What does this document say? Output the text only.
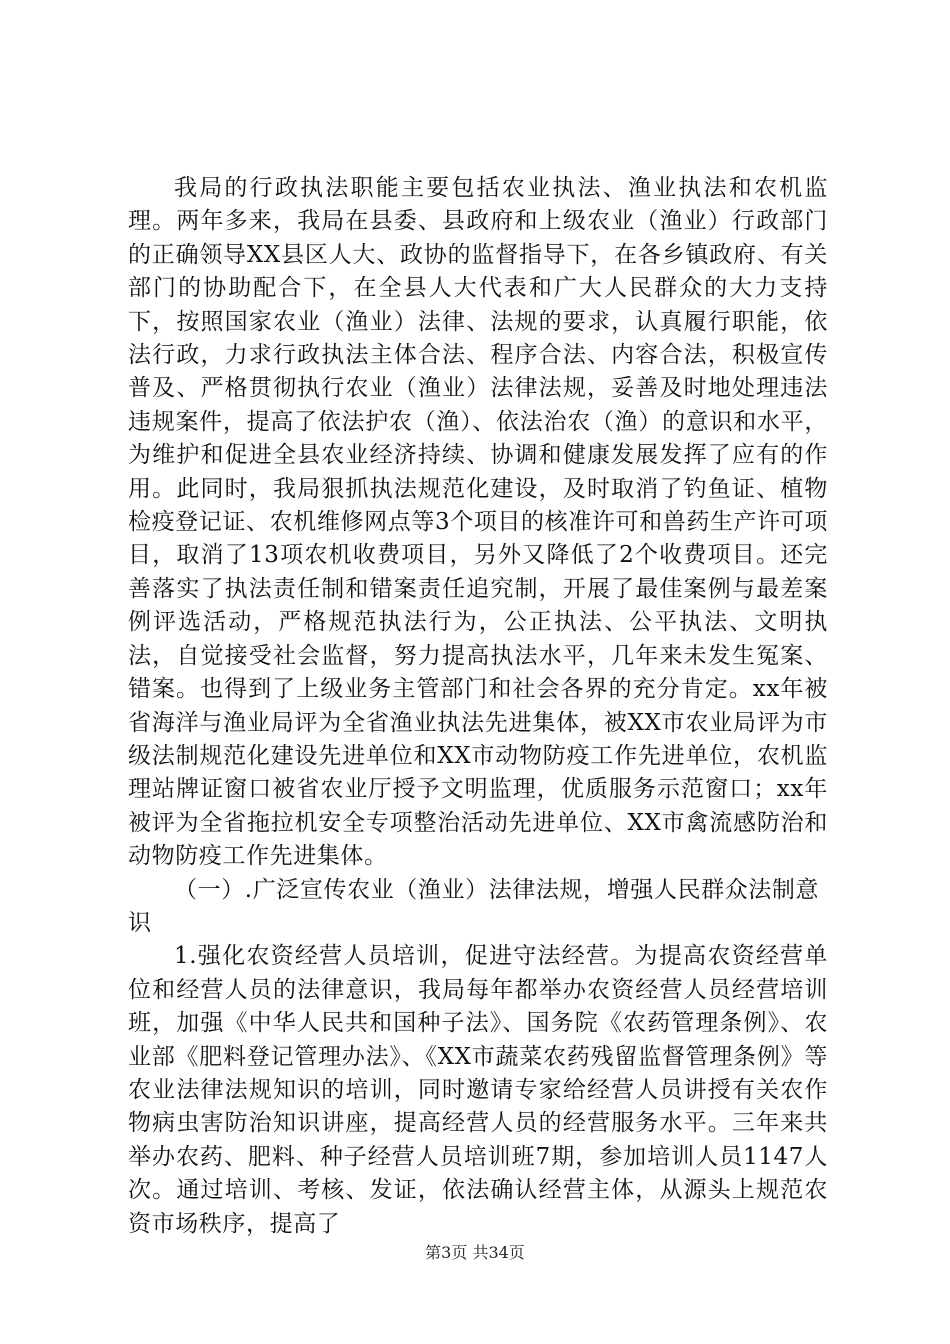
我局的行政执法职能主要包括农业执法、渔业执法和农机监理。两年多来，我局在县委、县政府和上级农业（渔业）行政部门的正确领导XX县区人大、政协的监督指导下，在各乡镇政府、有关部门的协助配合下，在全县人大代表和广大人民群众的大力支持下，按照国家农业（渔业）法律、法规的要求，认真履行职能，依法行政，力求行政执法主体合法、程序合法、内容合法，积极宣传普及、严格贯彻执行农业（渔业）法律法规，妥善及时地处理违法违规案件，提高了依法护农（渔）、依法治农（渔）的意识和水平，为维护和促进全县农业经济持续、协调和健康发展发挥了应有的作用。此同时，我局狠抓执法规范化建设，及时取消了钓鱼证、植物检疫登记证、农机维修网点等3个项目的核准许可和兽药生产许可项目，取消了13项农机收费项目，另外又降低了2个收费项目。还完善落实了执法责任制和错案责任追究制，开展了最佳案例与最差案例评选活动，严格规范执法行为，公正执法、公平执法、文明执法，自觉接受社会监督，努力提高执法水平，几年来未发生冤案、错案。也得到了上级业务主管部门和社会各界的充分肯定。xx年被省海洋与渔业局评为全省渔业执法先进集体，被XX市农业局评为市级法制规范化建设先进单位和XX市动物防疫工作先进单位，农机监理站牌证窗口被省农业厅授予文明监理，优质服务示范窗口；xx年被评为全省拖拉机安全专项整治活动先进单位、XX市禽流感防治和动物防疫工作先进集体。

（一）.广泛宣传农业（渔业）法律法规，增强人民群众法制意识

1.强化农资经营人员培训，促进守法经营。为提高农资经营单位和经营人员的法律意识，我局每年都举办农资经营人员经营培训班，加强《中华人民共和国种子法》、国务院《农药管理条例》、农业部《肥料登记管理办法》、《XX市蔬菜农药残留监督管理条例》等农业法律法规知识的培训，同时邀请专家给经营人员讲授有关农作物病虫害防治知识讲座，提高经营人员的经营服务水平。三年来共举办农药、肥料、种子经营人员培训班7期，参加培训人员1147人次。通过培训、考核、发证，依法确认经营主体，从源头上规范农资市场秩序，提高了

第3页 共34页
